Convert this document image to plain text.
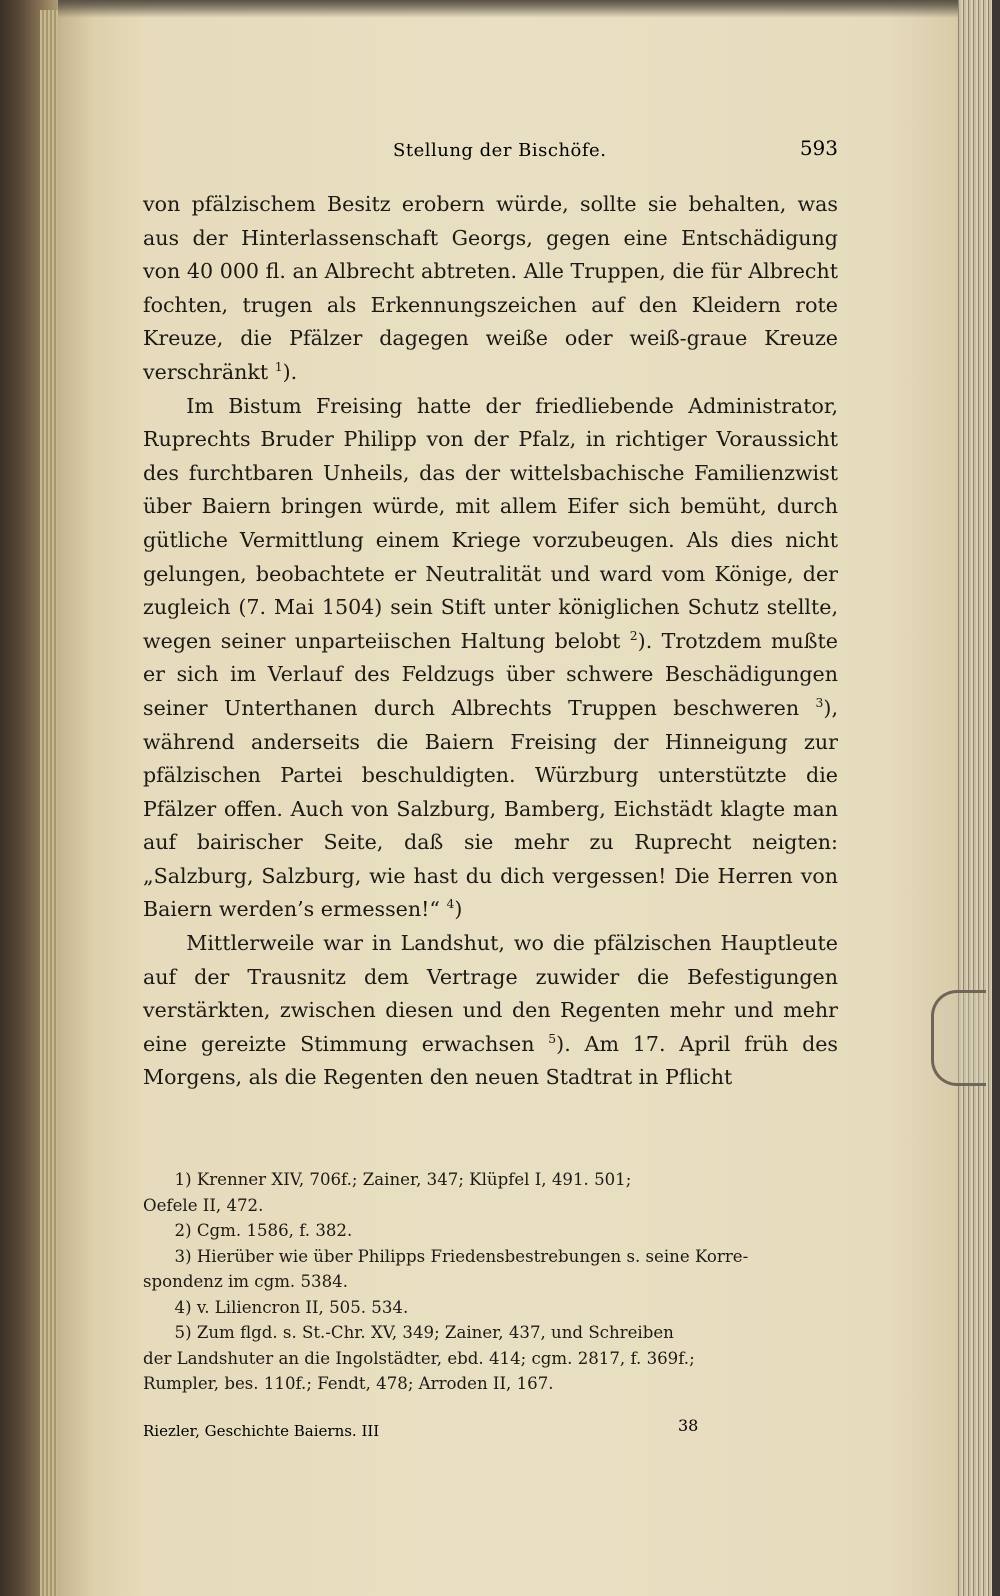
Stellung der Bischöfe.	593

von pfälzischem Besitz erobern würde, sollte sie behalten, was aus der Hinterlassenschaft Georgs, gegen eine Entschädigung von 40 000 fl. an Albrecht abtreten. Alle Truppen, die für Albrecht fochten, trugen als Erkennungszeichen auf den Kleidern rote Kreuze, die Pfälzer dagegen weiße oder weiß-graue Kreuze verschränkt $^1$).

Im Bistum Freising hatte der friedliebende Administrator, Ruprechts Bruder Philipp von der Pfalz, in richtiger Voraussicht des furchtbaren Unheils, das der wittelsbachische Familienzwist über Baiern bringen würde, mit allem Eifer sich bemüht, durch gütliche Vermittlung einem Kriege vorzubeugen. Als dies nicht gelungen, beobachtete er Neutralität und ward vom Könige, der zugleich (7. Mai 1504) sein Stift unter königlichen Schutz stellte, wegen seiner unparteiischen Haltung belobt $^2$). Trotzdem mußte er sich im Verlauf des Feldzugs über schwere Beschädigungen seiner Unterthanen durch Albrechts Truppen beschweren $^3$), während anderseits die Baiern Freising der Hinneigung zur pfälzischen Partei beschuldigten. Würzburg unterstützte die Pfälzer offen. Auch von Salzburg, Bamberg, Eichstädt klagte man auf bairischer Seite, daß sie mehr zu Ruprecht neigten: „Salzburg, Salzburg, wie hast du dich vergessen! Die Herren von Baiern werden’s ermessen!“ $^4$)

Mittlerweile war in Landshut, wo die pfälzischen Hauptleute auf der Trausnitz dem Vertrage zuwider die Befestigungen verstärkten, zwischen diesen und den Regenten mehr und mehr eine gereizte Stimmung erwachsen $^5$). Am 17. April früh des Morgens, als die Regenten den neuen Stadtrat in Pflicht

1) Krenner XIV, 706f.; Zainer, 347; Klüpfel I, 491. 501;
Oefele II, 472.
2) Cgm. 1586, f. 382.
3) Hierüber wie über Philipps Friedensbestrebungen s. seine Korre-
spondenz im cgm. 5384.
4) v. Liliencron II, 505. 534.
5) Zum flgd. s. St.-Chr. XV, 349; Zainer, 437, und Schreiben
der Landshuter an die Ingolstädter, ebd. 414; cgm. 2817, f. 369f.;
Rumpler, bes. 110f.; Fendt, 478; Arroden II, 167.
Riezler, Geschichte Baierns. III	38
